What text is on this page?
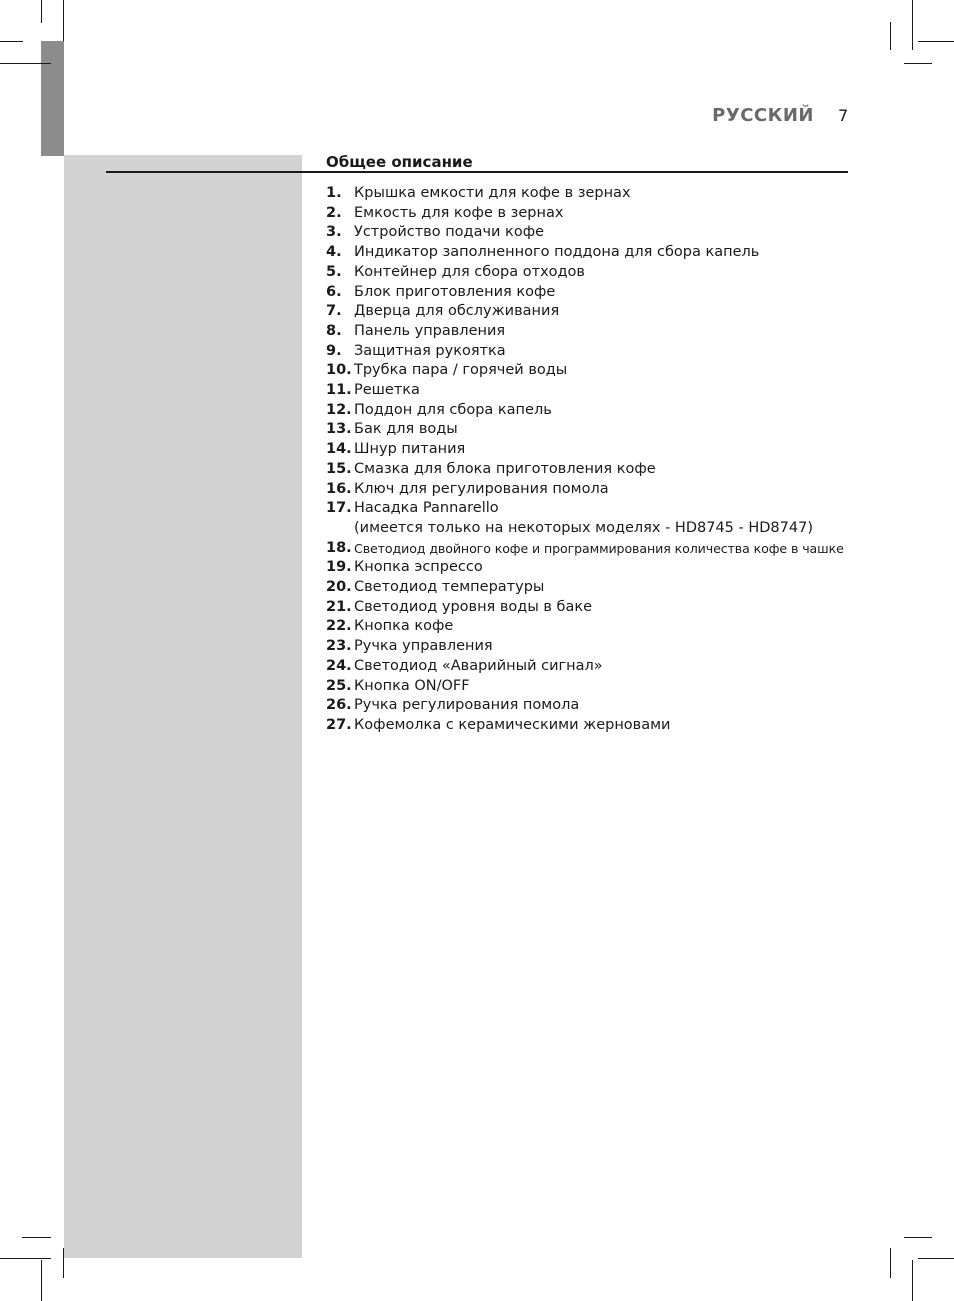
РУССКИЙ 7
Общее описание
1. Крышка емкости для кофе в зернах
2. Емкость для кофе в зернах
3. Устройство подачи кофе
4. Индикатор заполненного поддона для сбора капель
5. Контейнер для сбора отходов
6. Блок приготовления кофе
7. Дверца для обслуживания
8. Панель управления
9. Защитная рукоятка
10. Трубка пара / горячей воды
11. Решетка
12. Поддон для сбора капель
13. Бак для воды
14. Шнур питания
15. Смазка для блока приготовления кофе
16. Ключ для регулирования помола
17. Насадка Pannarello
(имеется только на некоторых моделях - HD8745 - HD8747)
18. Светодиод двойного кофе и программирования количества кофе в чашке
19. Кнопка эспрессо
20. Светодиод температуры
21. Светодиод уровня воды в баке
22. Кнопка кофе
23. Ручка управления
24. Светодиод «Аварийный сигнал»
25. Кнопка ON/OFF
26. Ручка регулирования помола
27. Кофемолка с керамическими жерновами
